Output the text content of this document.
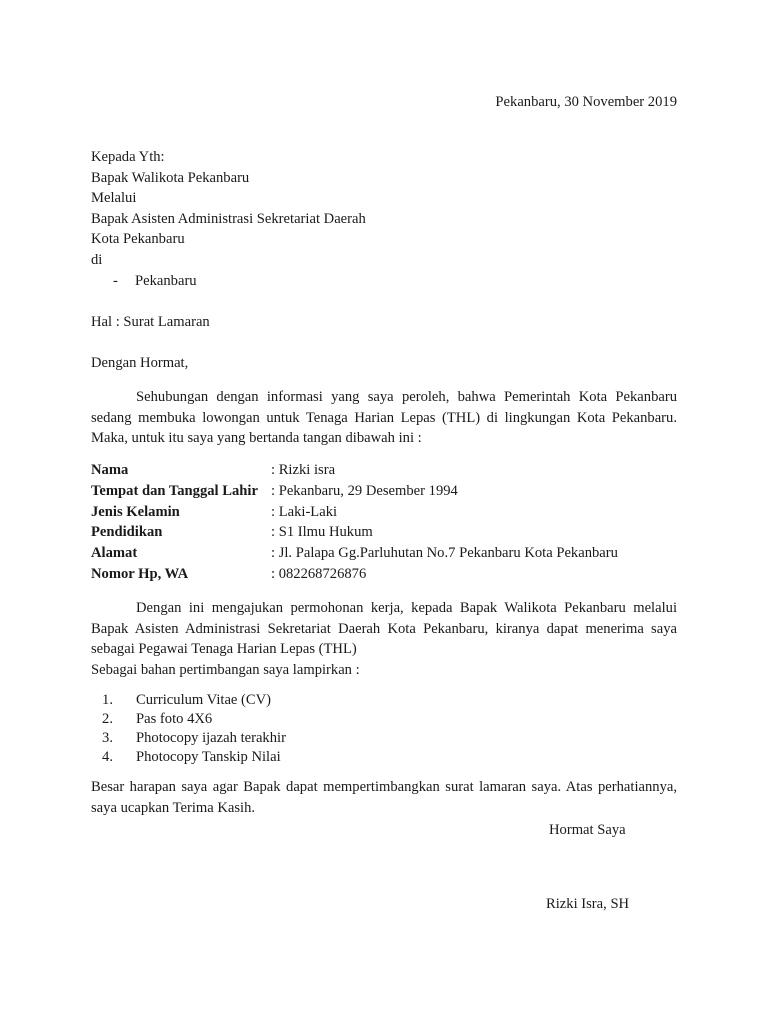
Pekanbaru, 30 November 2019
Kepada Yth:
Bapak Walikota Pekanbaru
Melalui
Bapak Asisten Administrasi Sekretariat Daerah
Kota Pekanbaru
di
-	Pekanbaru
Hal : Surat Lamaran
Dengan Hormat,
Sehubungan dengan informasi yang saya peroleh, bahwa Pemerintah Kota Pekanbaru
sedang membuka lowongan untuk Tenaga Harian Lepas (THL) di lingkungan Kota Pekanbaru.
Maka, untuk itu saya yang bertanda tangan dibawah ini :
Nama	: Rizki isra
Tempat dan Tanggal Lahir : Pekanbaru, 29 Desember 1994
Jenis Kelamin	: Laki-Laki
Pendidikan	: S1 Ilmu Hukum
Alamat	: Jl. Palapa Gg.Parluhutan No.7 Pekanbaru Kota Pekanbaru
Nomor Hp, WA	: 082268726876
Dengan ini mengajukan permohonan kerja, kepada Bapak Walikota Pekanbaru melalui
Bapak Asisten Administrasi Sekretariat Daerah Kota Pekanbaru, kiranya dapat menerima saya
sebagai Pegawai Tenaga Harian Lepas (THL)
Sebagai bahan pertimbangan saya lampirkan :
1. Curriculum Vitae (CV)
2. Pas foto 4X6
3. Photocopy ijazah terakhir
4. Photocopy Tanskip Nilai
Besar harapan saya agar Bapak dapat mempertimbangkan surat lamaran saya. Atas perhatiannya,
saya ucapkan Terima Kasih.
Hormat Saya
Rizki Isra, SH
